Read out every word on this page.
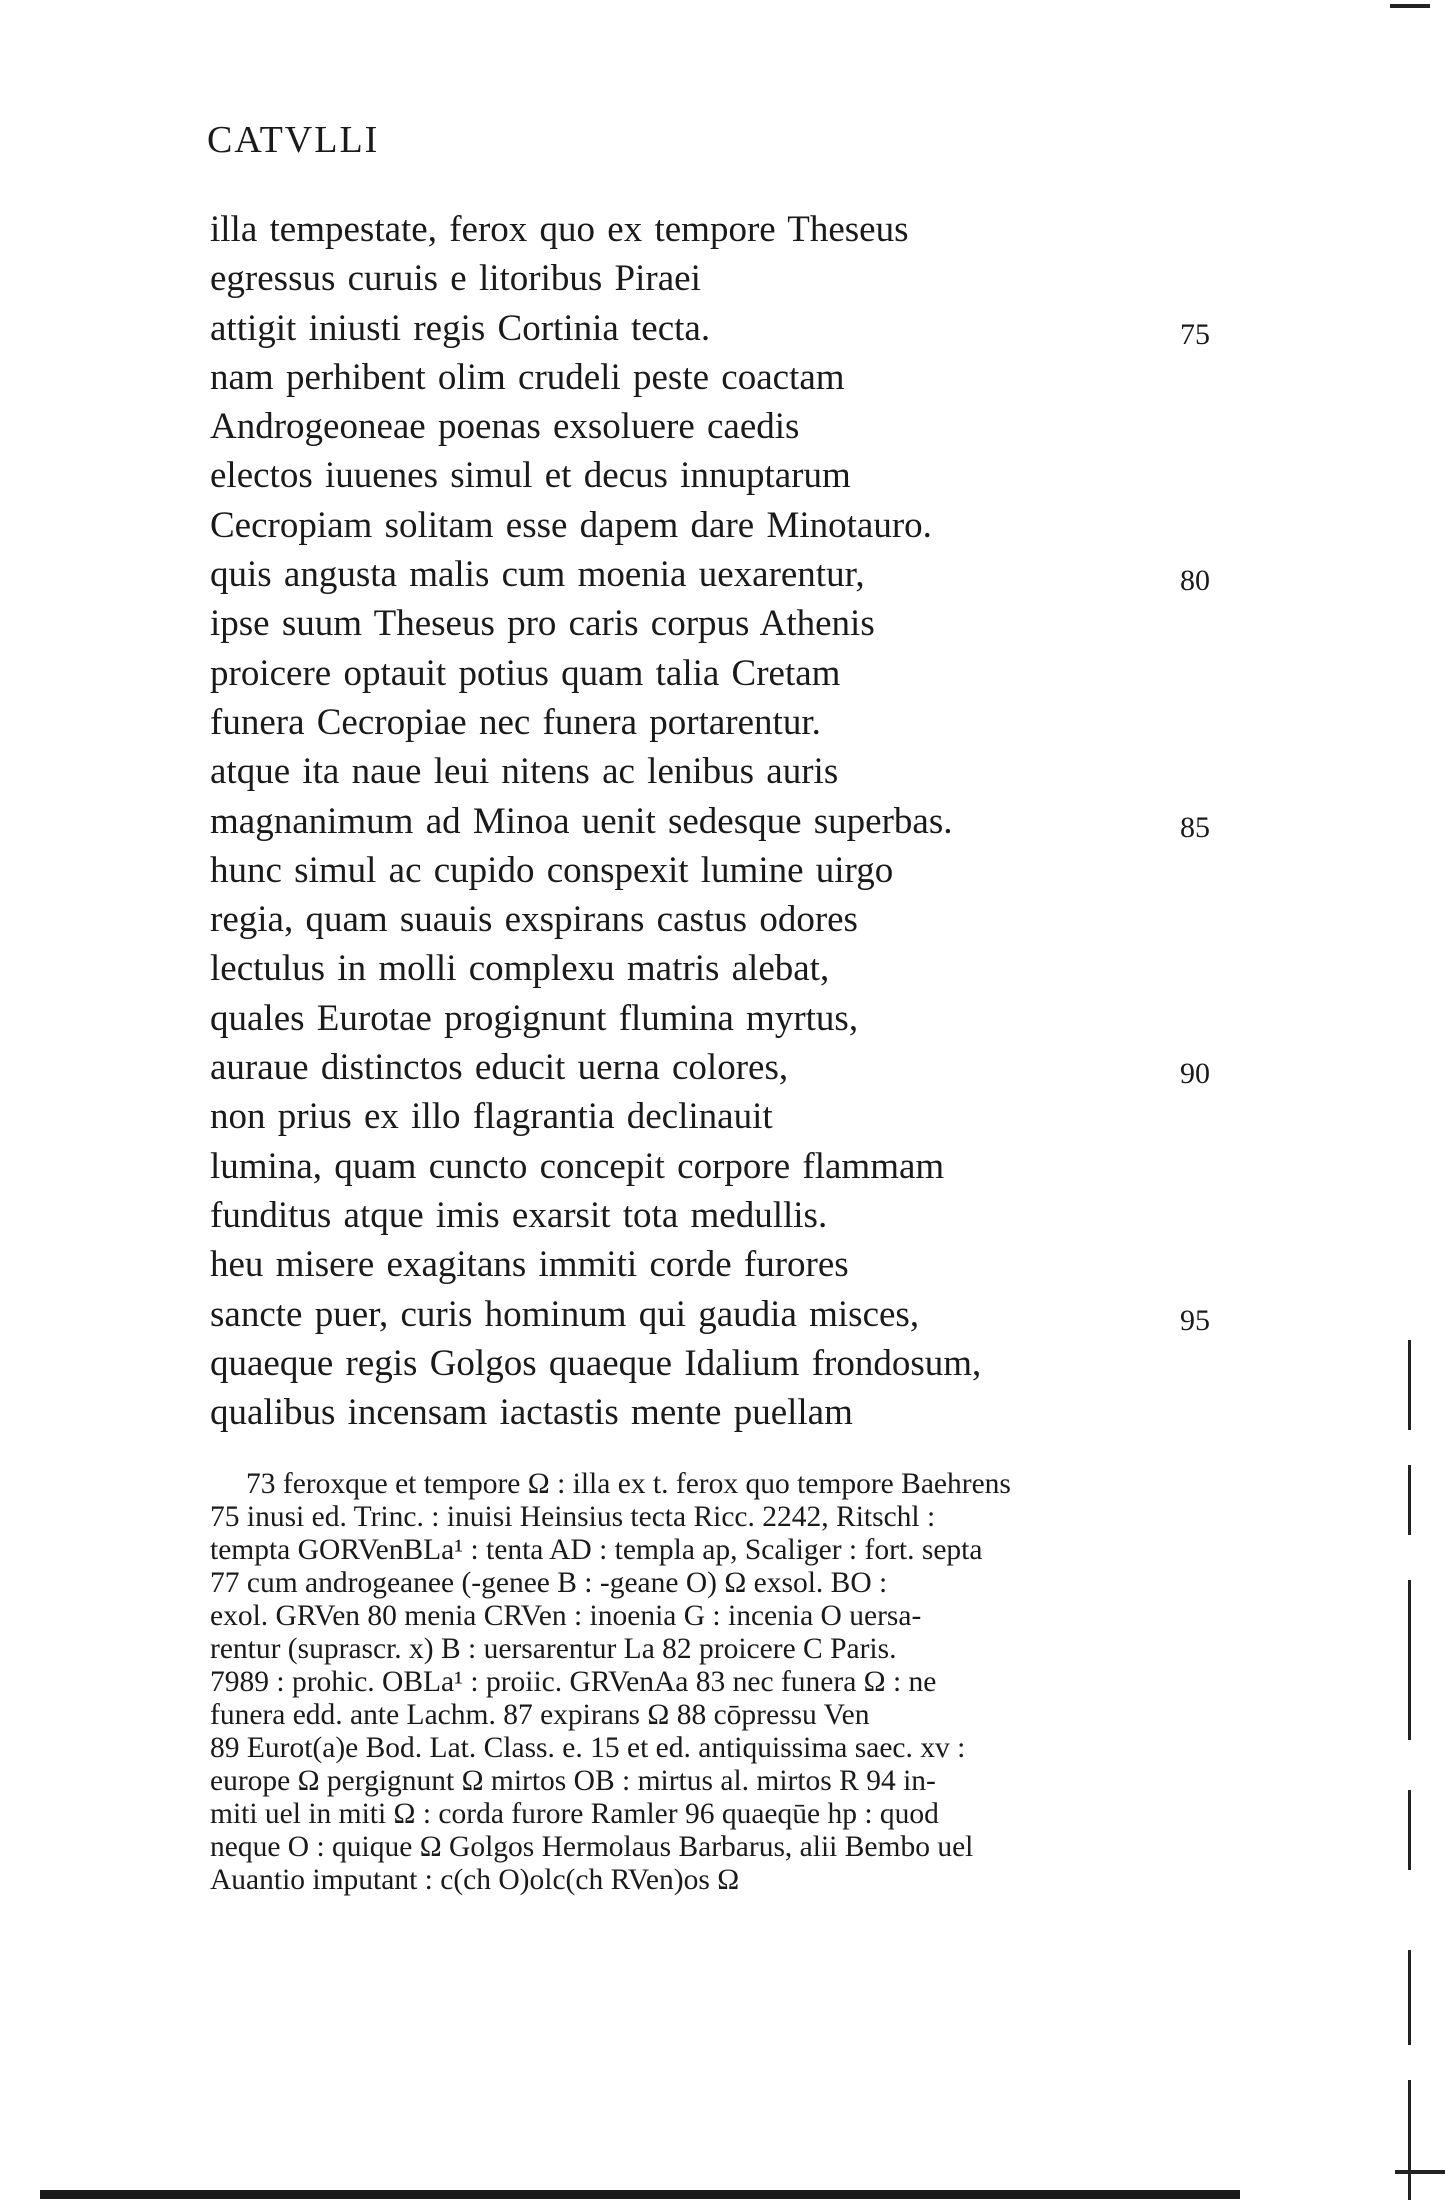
CATVLLI
illa tempestate, ferox quo ex tempore Theseus
egressus curuis e litoribus Piraei
attigit iniusti regis Cortinia tecta.	75
nam perhibent olim crudeli peste coactam
Androgeoneae poenas exsoluere caedis
electos iuuenes simul et decus innuptarum
Cecropiam solitam esse dapem dare Minotauro.
quis angusta malis cum moenia uexarentur,	80
ipse suum Theseus pro caris corpus Athenis
proicere optauit potius quam talia Cretam
funera Cecropiae nec funera portarentur.
atque ita naue leui nitens ac lenibus auris
magnanimum ad Minoa uenit sedesque superbas.	85
hunc simul ac cupido conspexit lumine uirgo
regia, quam suauis exspirans castus odores
lectulus in molli complexu matris alebat,
quales Eurotae progignunt flumina myrtus,
auraue distinctos educit uerna colores,	90
non prius ex illo flagrantia declinauit
lumina, quam cuncto concepit corpore flammam
funditus atque imis exarsit tota medullis.
heu misere exagitans immiti corde furores
sancte puer, curis hominum qui gaudia misces,	95
quaeque regis Golgos quaeque Idalium frondosum,
qualibus incensam iactastis mente puellam

73 feroxque et tempore Ω : illa ex t. ferox quo tempore Baehrens

75 inusi ed. Trinc. : inuisi Heinsius tecta Ricc. 2242, Ritschl :

tempta GORVenBLa¹ : tenta AD : templa ap, Scaliger : fort. septa

77 cum androgeanee (-genee B : -geane O) Ω exsol. BO :

exol. GRVen 80 menia CRVen : inoenia G : incenia O uersa-

rentur (suprascr. x) B : uersarentur La 82 proicere C Paris.

7989 : prohic. OBLa¹ : proiic. GRVenAa 83 nec funera Ω : ne

funera edd. ante Lachm. 87 expirans Ω 88 cōpressu Ven

89 Eurot(a)e Bod. Lat. Class. e. 15 et ed. antiquissima saec. xv :

europe Ω pergignunt Ω mirtos OB : mirtus al. mirtos R 94 in-

miti uel in miti Ω : corda furore Ramler 96 quaeqūe hp : quod

neque O : quique Ω Golgos Hermolaus Barbarus, alii Bembo uel

Auantio imputant : c(ch O)olc(ch RVen)os Ω
